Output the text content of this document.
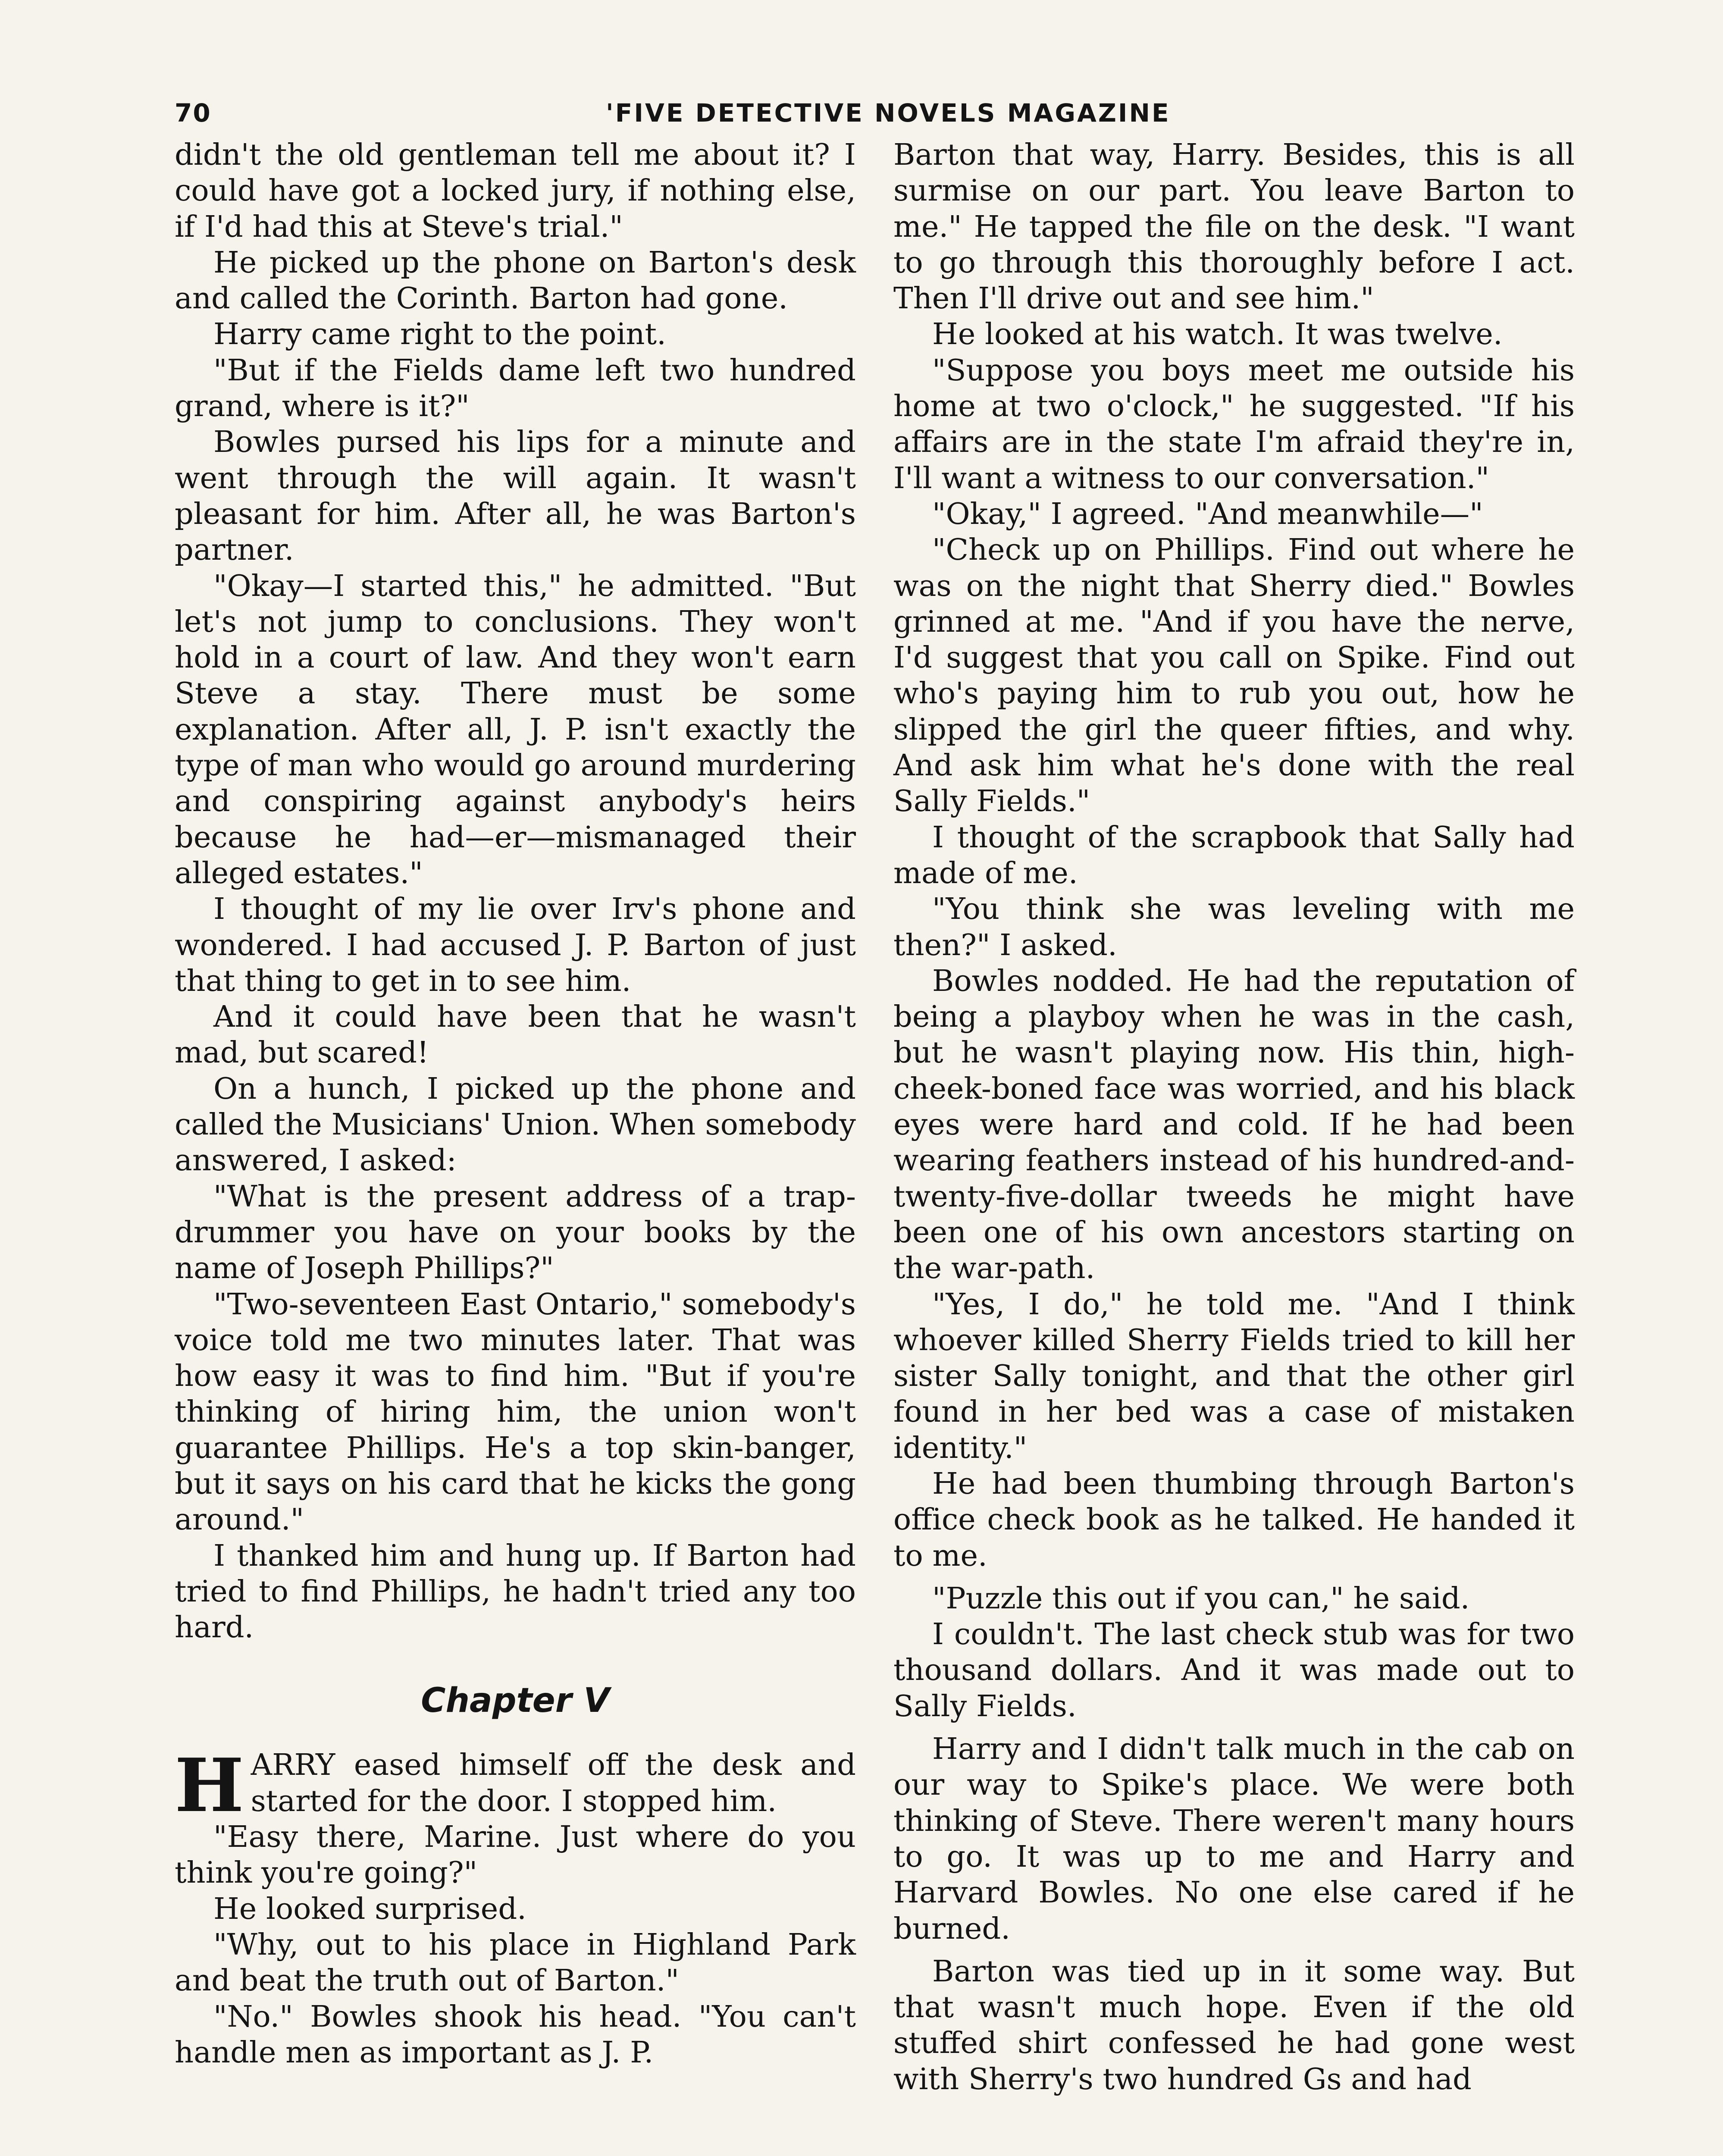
70	'FIVE DETECTIVE NOVELS MAGAZINE

didn't the old gentleman tell me about it? I could have got a locked jury, if nothing else, if I'd had this at Steve's trial."

He picked up the phone on Barton's desk and called the Corinth. Barton had gone.

Harry came right to the point.

"But if the Fields dame left two hundred grand, where is it?"

Bowles pursed his lips for a minute and went through the will again. It wasn't pleasant for him. After all, he was Barton's partner.

"Okay—I started this," he admitted. "But let's not jump to conclusions. They won't hold in a court of law. And they won't earn Steve a stay. There must be some explanation. After all, J. P. isn't exactly the type of man who would go around murdering and conspiring against anybody's heirs because he had—er—mismanaged their alleged estates."

I thought of my lie over Irv's phone and wondered. I had accused J. P. Barton of just that thing to get in to see him.

And it could have been that he wasn't mad, but scared!

On a hunch, I picked up the phone and called the Musicians' Union. When somebody answered, I asked:

"What is the present address of a trap-drummer you have on your books by the name of Joseph Phillips?"

"Two-seventeen East Ontario," somebody's voice told me two minutes later. That was how easy it was to find him. "But if you're thinking of hiring him, the union won't guarantee Phillips. He's a top skin-banger, but it says on his card that he kicks the gong around."

I thanked him and hung up. If Barton had tried to find Phillips, he hadn't tried any too hard.

Chapter V

HARRY eased himself off the desk and started for the door. I stopped him.

"Easy there, Marine. Just where do you think you're going?"

He looked surprised.

"Why, out to his place in Highland Park and beat the truth out of Barton."

"No." Bowles shook his head. "You can't handle men as important as J. P.

Barton that way, Harry. Besides, this is all surmise on our part. You leave Barton to me." He tapped the file on the desk. "I want to go through this thoroughly before I act. Then I'll drive out and see him."

He looked at his watch. It was twelve.

"Suppose you boys meet me outside his home at two o'clock," he suggested. "If his affairs are in the state I'm afraid they're in, I'll want a witness to our conversation."

"Okay," I agreed. "And meanwhile—"

"Check up on Phillips. Find out where he was on the night that Sherry died." Bowles grinned at me. "And if you have the nerve, I'd suggest that you call on Spike. Find out who's paying him to rub you out, how he slipped the girl the queer fifties, and why. And ask him what he's done with the real Sally Fields."

I thought of the scrapbook that Sally had made of me.

"You think she was leveling with me then?" I asked.

Bowles nodded. He had the reputation of being a playboy when he was in the cash, but he wasn't playing now. His thin, high-cheek-boned face was worried, and his black eyes were hard and cold. If he had been wearing feathers instead of his hundred-and-twenty-five-dollar tweeds he might have been one of his own ancestors starting on the war-path.

"Yes, I do," he told me. "And I think whoever killed Sherry Fields tried to kill her sister Sally tonight, and that the other girl found in her bed was a case of mistaken identity."

He had been thumbing through Barton's office check book as he talked. He handed it to me.

"Puzzle this out if you can," he said.

I couldn't. The last check stub was for two thousand dollars. And it was made out to Sally Fields.

Harry and I didn't talk much in the cab on our way to Spike's place. We were both thinking of Steve. There weren't many hours to go. It was up to me and Harry and Harvard Bowles. No one else cared if he burned.

Barton was tied up in it some way. But that wasn't much hope. Even if the old stuffed shirt confessed he had gone west with Sherry's two hundred Gs and had
